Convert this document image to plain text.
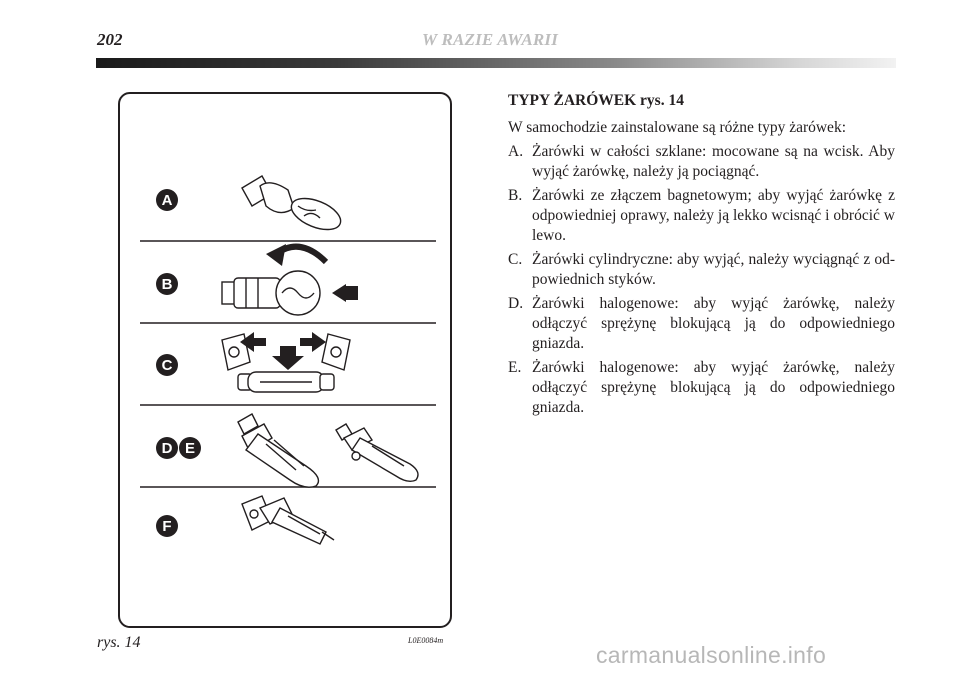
202	W RAZIE AWARII
A
B
C
D E
F
rys. 14	L0E0084m
TYPY ŻARÓWEK rys. 14
W samochodzie zainstalowane są różne typy żarówek:
A. Żarówki w całości szklane: mocowane są na wcisk. Aby wyjąć żarówkę, należy ją pociągnąć.
B. Żarówki ze złączem bagnetowym; aby wyjąć żarówkę z odpowiedniej oprawy, należy ją lekko wcisnąć i obrócić w lewo.
C. Żarówki cylindryczne: aby wyjąć, należy wyciągnąć z od-powiednich styków.
D. Żarówki halogenowe: aby wyjąć żarówkę, należy odłączyć sprężynę blokującą ją do odpowiedniego gniazda.
E. Żarówki halogenowe: aby wyjąć żarówkę, należy odłączyć sprężynę blokującą ją do odpowiedniego gniazda.
carmanualsonline.info
